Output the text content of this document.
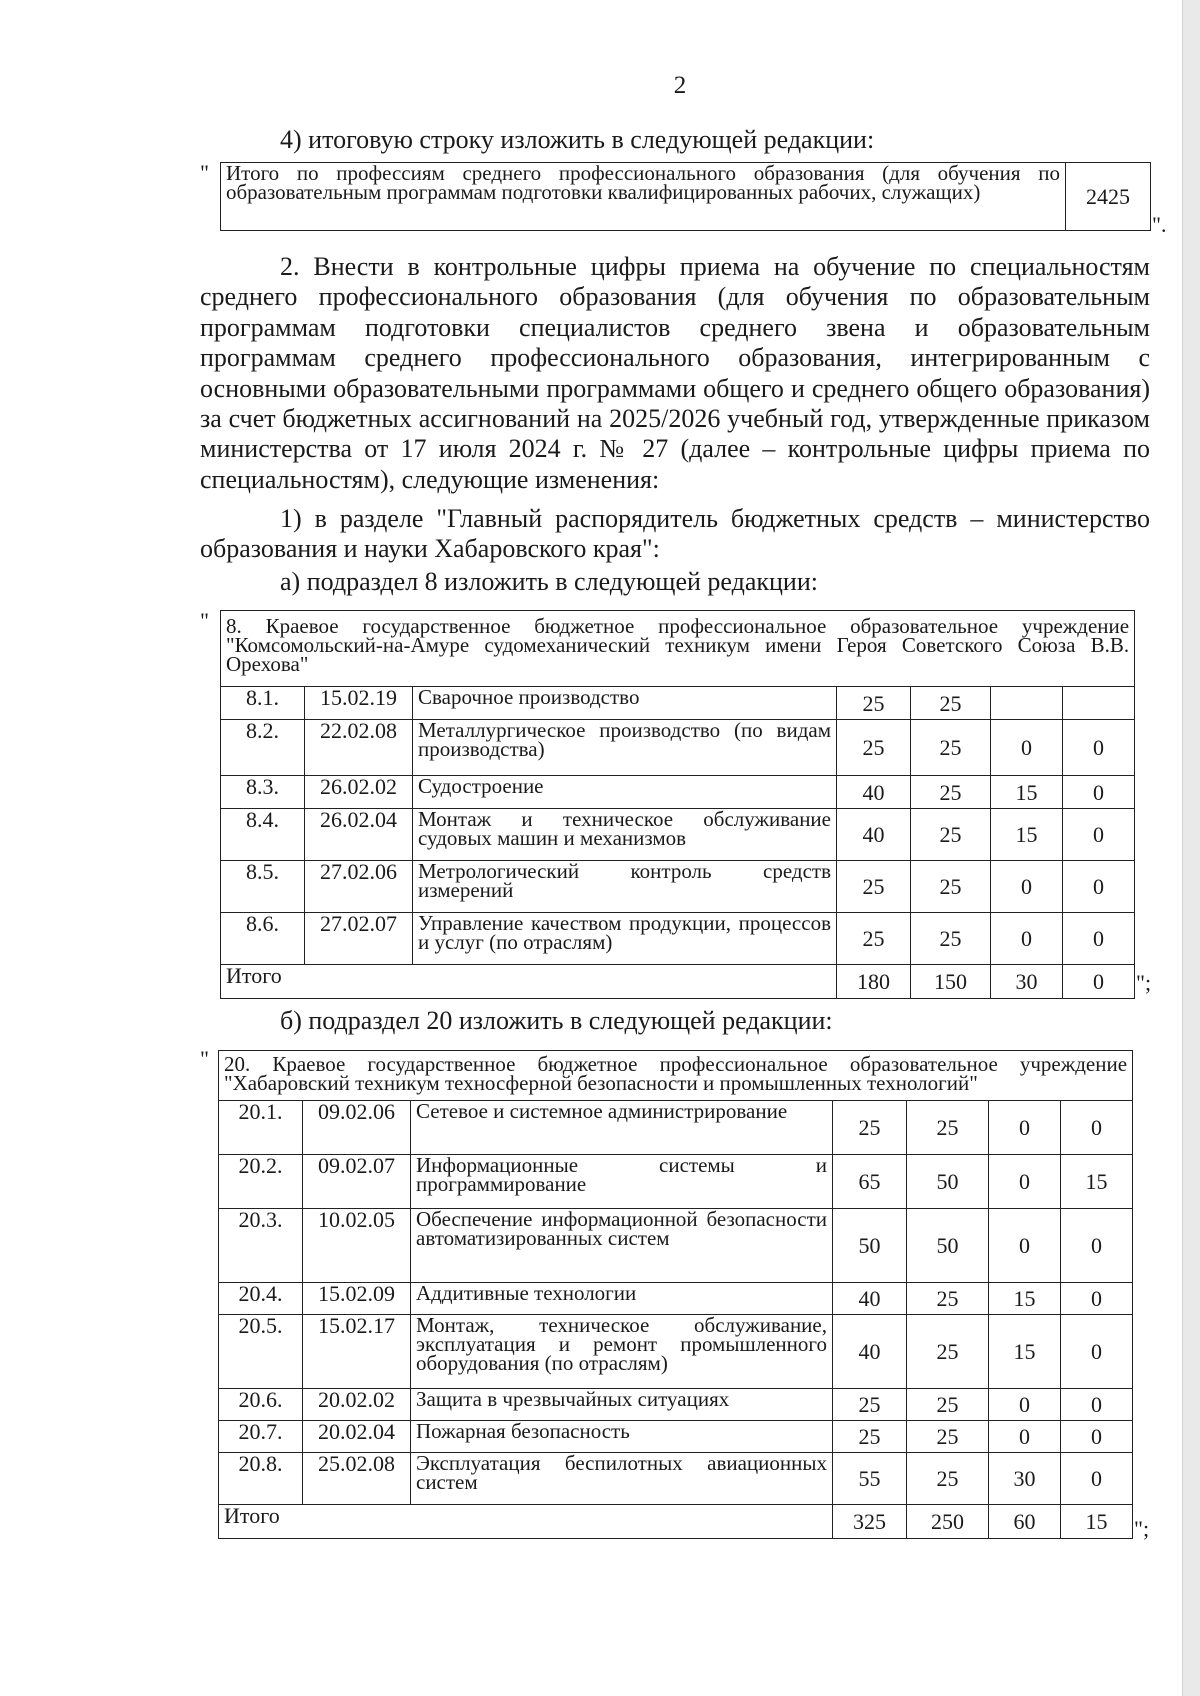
2
4) итоговую строку изложить в следующей редакции:
" Итого по профессиям среднего профессионального образования (для обучения по образовательным программам подготовки квалифицированных рабочих, служащих)	2425
".
2. Внести в контрольные цифры приема на обучение по специальностям среднего профессионального образования (для обучения по образовательным программам подготовки специалистов среднего звена и образовательным программам среднего профессионального образования, интегрированным с основными образовательными программами общего и среднего общего образования) за счет бюджетных ассигнований на 2025/2026 учебный год, утвержденные приказом министерства от 17 июля 2024 г. № 27 (далее – контрольные цифры приема по специальностям), следующие изменения:
1) в разделе "Главный распорядитель бюджетных средств – министерство образования и науки Хабаровского края":
а) подраздел 8 изложить в следующей редакции:
" 8. Краевое государственное бюджетное профессиональное образовательное учреждение "Комсомольский-на-Амуре судомеханический техникум имени Героя Советского Союза В.В. Орехова"						
8.1.	15.02.19	Сварочное производство	25	25		
8.2.	22.02.08	Металлургическое производство (по видам производства)	25	25	0	0
8.3.	26.02.02	Судостроение	40	25	15	0
8.4.	26.02.04	Монтаж и техническое обслуживание судовых машин и механизмов	40	25	15	0
8.5.	27.02.06	Метрологический контроль средств измерений	25	25	0	0
8.6.	27.02.07	Управление качеством продукции, процессов и услуг (по отраслям)	25	25	0	0
Итого			180	150	30	0 ";
б) подраздел 20 изложить в следующей редакции:
" 20. Краевое государственное бюджетное профессиональное образовательное учреждение "Хабаровский техникум техносферной безопасности и промышленных технологий"						
20.1.	09.02.06	Сетевое и системное администрирование	25	25	0	0
20.2.	09.02.07	Информационные системы и программирование	65	50	0	15
20.3.	10.02.05	Обеспечение информационной безопасности автоматизированных систем	50	50	0	0
20.4.	15.02.09	Аддитивные технологии	40	25	15	0
20.5.	15.02.17	Монтаж, техническое обслуживание, эксплуатация и ремонт промышленного оборудования (по отраслям)	40	25	15	0
20.6.	20.02.02	Защита в чрезвычайных ситуациях	25	25	0	0
20.7.	20.02.04	Пожарная безопасность	25	25	0	0
20.8.	25.02.08	Эксплуатация беспилотных авиационных систем	55	25	30	0
Итого			325	250	60	15 ";
